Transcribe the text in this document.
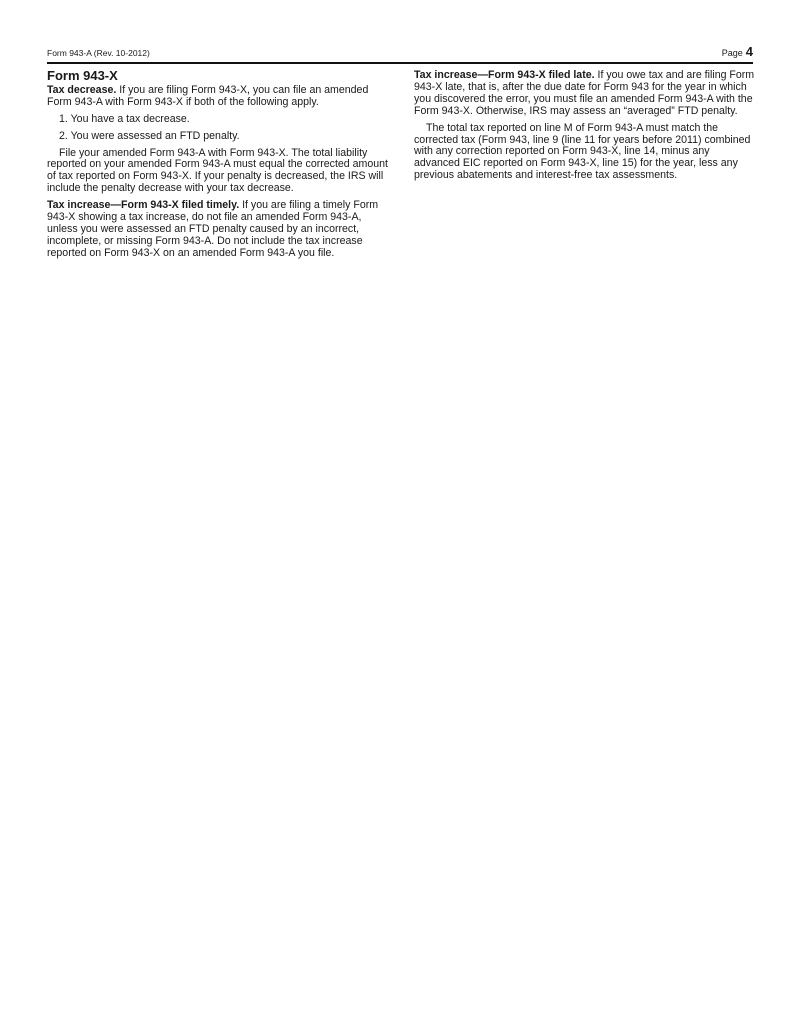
Form 943-A (Rev. 10-2012)	Page 4
Form 943-X

Tax decrease. If you are filing Form 943-X, you can file an amended Form 943-A with Form 943-X if both of the following apply.

1. You have a tax decrease.
2. You were assessed an FTD penalty.

File your amended Form 943-A with Form 943-X. The total liability reported on your amended Form 943-A must equal the corrected amount of tax reported on Form 943-X. If your penalty is decreased, the IRS will include the penalty decrease with your tax decrease.

Tax increase—Form 943-X filed timely. If you are filing a timely Form 943-X showing a tax increase, do not file an amended Form 943-A, unless you were assessed an FTD penalty caused by an incorrect, incomplete, or missing Form 943-A. Do not include the tax increase reported on Form 943-X on an amended Form 943-A you file.

Tax increase—Form 943-X filed late. If you owe tax and are filing Form 943-X late, that is, after the due date for Form 943 for the year in which you discovered the error, you must file an amended Form 943-A with the Form 943-X. Otherwise, IRS may assess an “averaged” FTD penalty.

The total tax reported on line M of Form 943-A must match the corrected tax (Form 943, line 9 (line 11 for years before 2011) combined with any correction reported on Form 943-X, line 14, minus any advanced EIC reported on Form 943-X, line 15) for the year, less any previous abatements and interest-free tax assessments.
